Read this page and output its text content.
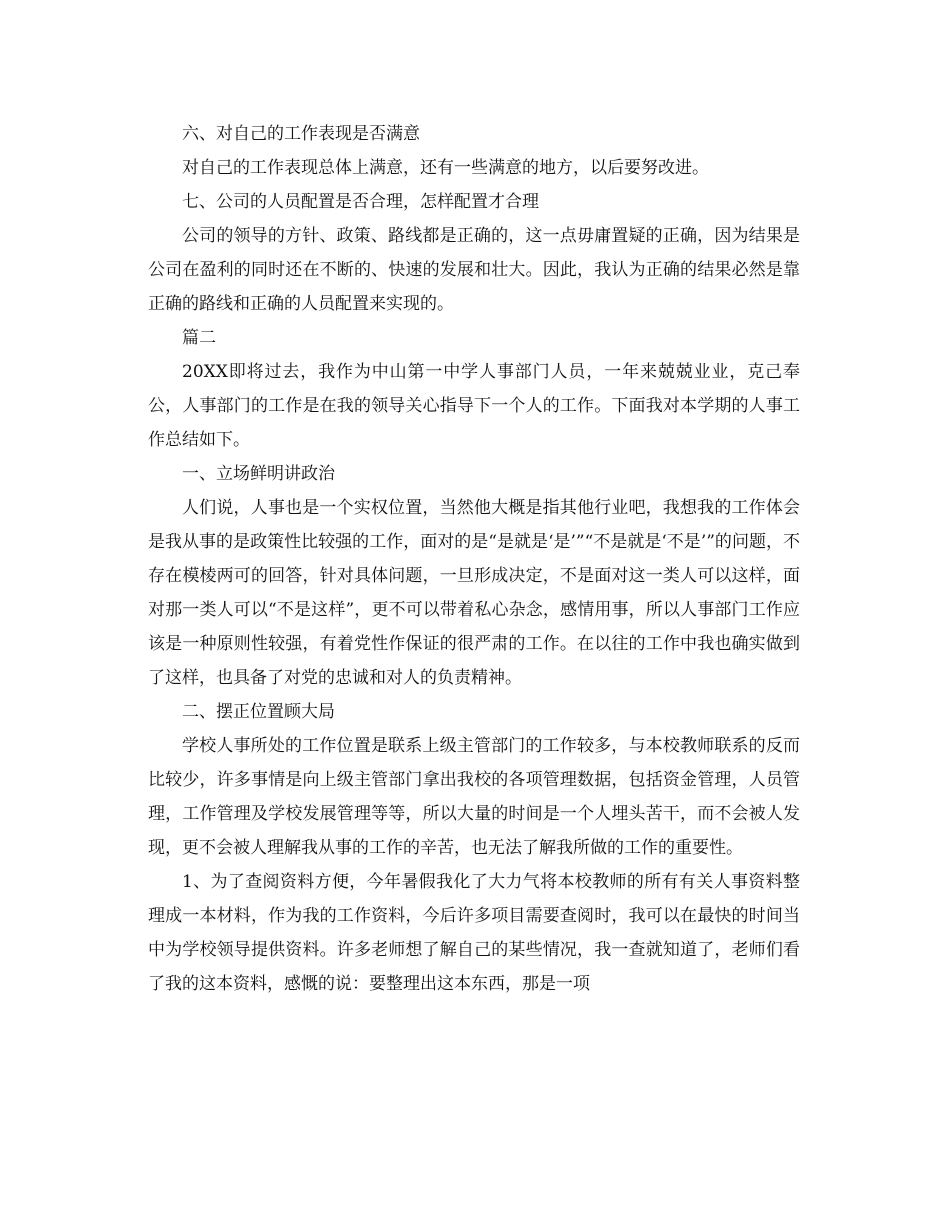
六、对自己的工作表现是否满意

对自己的工作表现总体上满意，还有一些满意的地方，以后要努改进。

七、公司的人员配置是否合理，怎样配置才合理

公司的领导的方针、政策、路线都是正确的，这一点毋庸置疑的正确，因为结果是公司在盈利的同时还在不断的、快速的发展和壮大。因此，我认为正确的结果必然是靠正确的路线和正确的人员配置来实现的。

篇二

20XX即将过去，我作为中山第一中学人事部门人员，一年来兢兢业业，克己奉公，人事部门的工作是在我的领导关心指导下一个人的工作。下面我对本学期的人事工作总结如下。

一、立场鲜明讲政治

人们说，人事也是一个实权位置，当然他大概是指其他行业吧，我想我的工作体会是我从事的是政策性比较强的工作，面对的是“是就是‘是’”“不是就是‘不是’”的问题，不存在模棱两可的回答，针对具体问题，一旦形成决定，不是面对这一类人可以这样，面对那一类人可以“不是这样”，更不可以带着私心杂念，感情用事，所以人事部门工作应该是一种原则性较强，有着党性作保证的很严肃的工作。在以往的工作中我也确实做到了这样，也具备了对党的忠诚和对人的负责精神。

二、摆正位置顾大局

学校人事所处的工作位置是联系上级主管部门的工作较多，与本校教师联系的反而比较少，许多事情是向上级主管部门拿出我校的各项管理数据，包括资金管理，人员管理，工作管理及学校发展管理等等，所以大量的时间是一个人埋头苦干，而不会被人发现，更不会被人理解我从事的工作的辛苦，也无法了解我所做的工作的重要性。

1、为了查阅资料方便，今年暑假我化了大力气将本校教师的所有有关人事资料整理成一本材料，作为我的工作资料，今后许多项目需要查阅时，我可以在最快的时间当中为学校领导提供资料。许多老师想了解自己的某些情况，我一查就知道了，老师们看了我的这本资料，感慨的说：要整理出这本东西，那是一项
